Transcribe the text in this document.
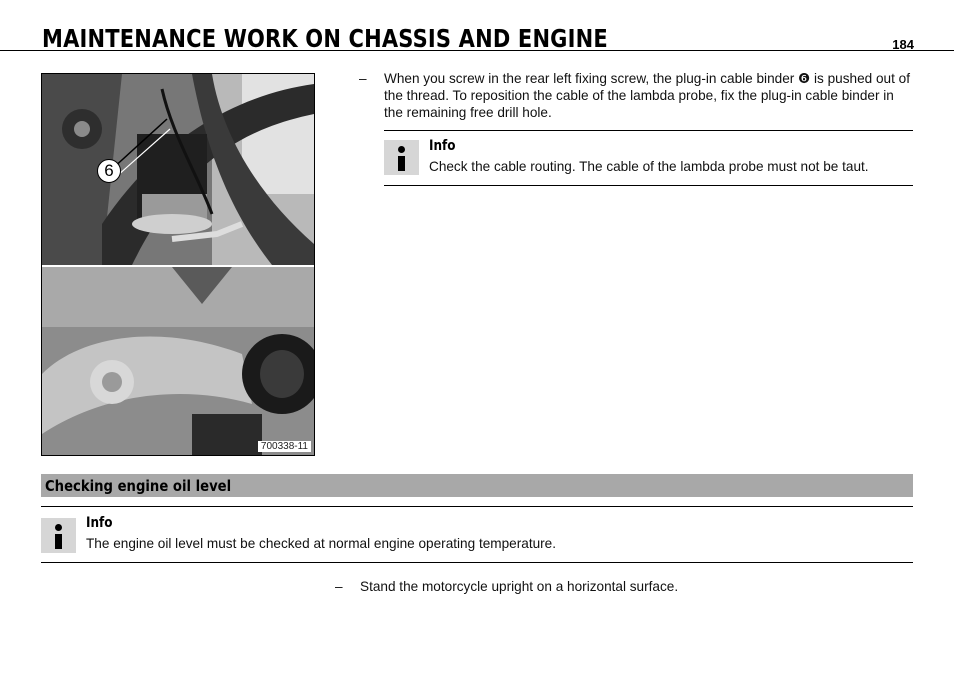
MAINTENANCE WORK ON CHASSIS AND ENGINE	184
6
700338-11
– When you screw in the rear left fixing screw, the plug-in cable binder ❻ is pushed out of the thread. To reposition the cable of the lambda probe, fix the plug-in cable binder in the remaining free drill hole.
Info
Check the cable routing. The cable of the lambda probe must not be taut.
Checking engine oil level
Info
The engine oil level must be checked at normal engine operating temperature.
– Stand the motorcycle upright on a horizontal surface.
